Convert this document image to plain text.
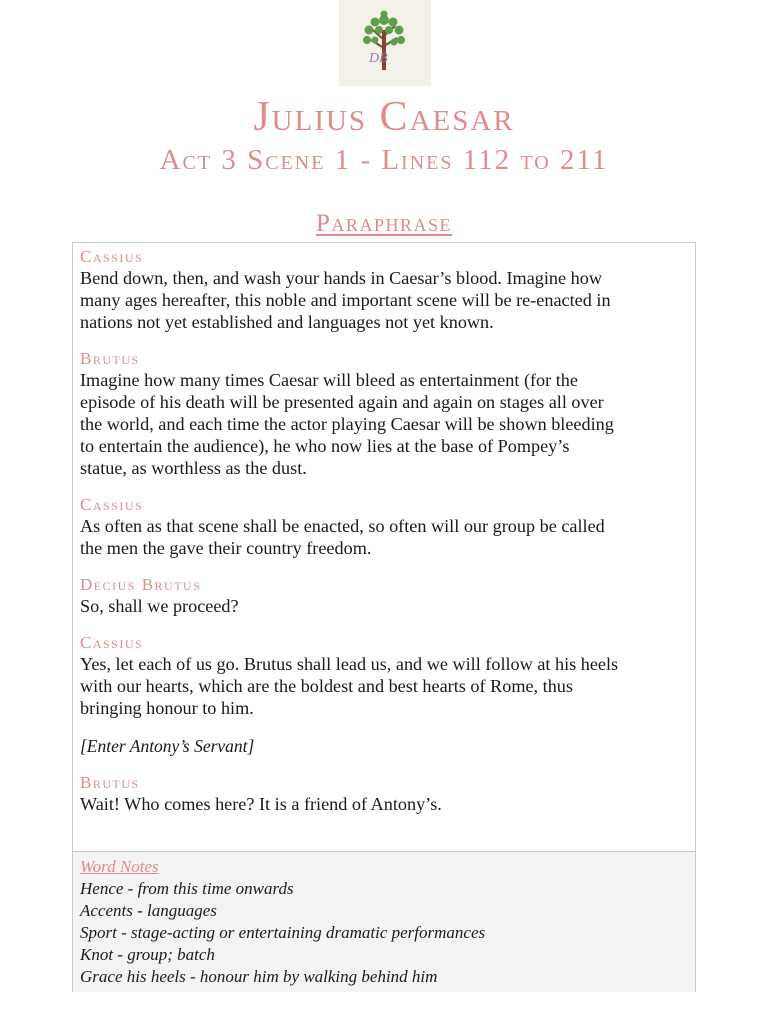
DB
Julius Caesar
Act 3 Scene 1 - Lines 112 to 211
Paraphrase
Cassius
Bend down, then, and wash your hands in Caesar’s blood. Imagine how
many ages hereafter, this noble and important scene will be re-enacted in
nations not yet established and languages not yet known.
Brutus
Imagine how many times Caesar will bleed as entertainment (for the
episode of his death will be presented again and again on stages all over
the world, and each time the actor playing Caesar will be shown bleeding
to entertain the audience), he who now lies at the base of Pompey’s
statue, as worthless as the dust.
Cassius
As often as that scene shall be enacted, so often will our group be called
the men the gave their country freedom.
Decius Brutus
So, shall we proceed?
Cassius
Yes, let each of us go. Brutus shall lead us, and we will follow at his heels
with our hearts, which are the boldest and best hearts of Rome, thus
bringing honour to him.
[Enter Antony’s Servant]
Brutus
Wait! Who comes here? It is a friend of Antony’s.
Word Notes
Hence - from this time onwards
Accents - languages
Sport - stage-acting or entertaining dramatic performances
Knot - group; batch
Grace his heels - honour him by walking behind him
